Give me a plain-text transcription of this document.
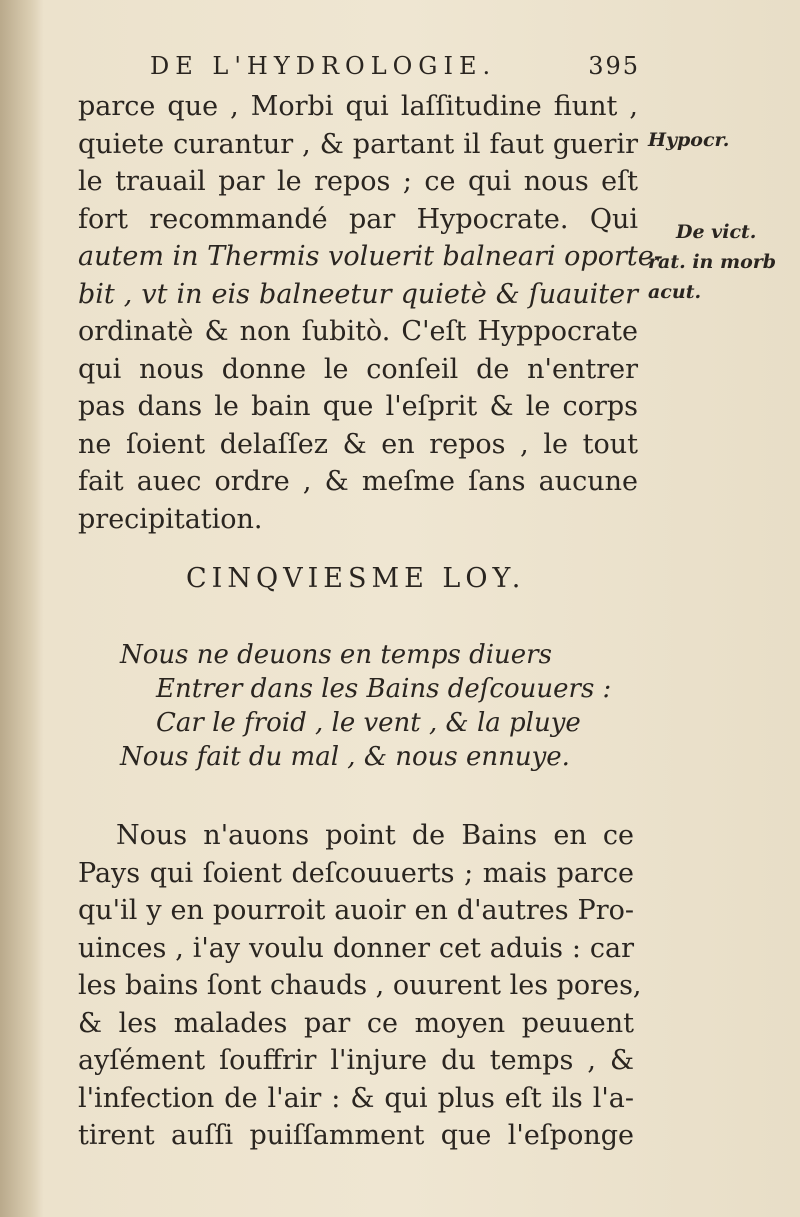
DE L'HYDROLOGIE.	395
parce que , Morbi qui laſſitudine fiunt ,
quiete curantur , & partant il faut guerir
le trauail par le repos ; ce qui nous eſt
fort recommandé par Hypocrate. Qui
autem in Thermis voluerit balneari oporte-
bit , vt in eis balneetur quietè & ſuauiter
ordinatè & non ſubitò. C'eſt Hyppocrate
qui nous donne le conſeil de n'entrer
pas dans le bain que l'eſprit & le corps
ne ſoient delaſſez & en repos , le tout
fait auec ordre , & meſme ſans aucune
precipitation.
Hypocr.
De vict.
rat. in morb
acut.
CINQVIESME LOY.
Nous ne deuons en temps diuers
Entrer dans les Bains deſcouuers :
Car le froid , le vent , & la pluye
Nous fait du mal , & nous ennuye.
Nous n'auons point de Bains en ce
Pays qui ſoient deſcouuerts ; mais parce
qu'il y en pourroit auoir en d'autres Pro-
uinces , i'ay voulu donner cet aduis : car
les bains ſont chauds , ouurent les pores,
& les malades par ce moyen peuuent
ayſément ſouffrir l'injure du temps , &
l'infection de l'air : & qui plus eſt ils l'a-
tirent auſſi puiſſamment que l'eſponge
